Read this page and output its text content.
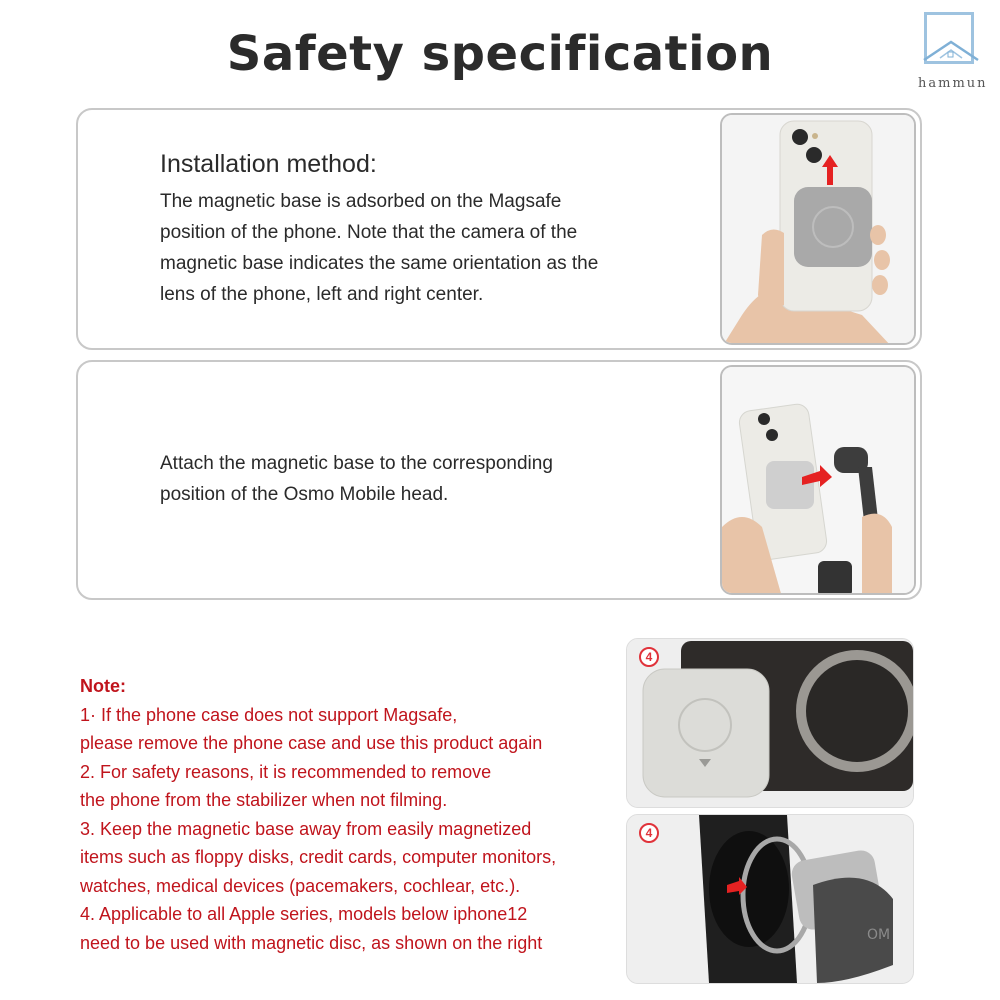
Safety specification
hammun
Installation method:
The magnetic base is adsorbed on the Magsafe
position of the phone. Note that the camera of the
magnetic base indicates the same orientation as the
lens of the phone, left and right center.
Attach the magnetic base to the corresponding
position of the Osmo Mobile head.
Note:
1· If the phone case does not support Magsafe,
please remove the phone case and use this product again
2. For safety reasons, it is recommended to remove
the phone from the stabilizer when not filming.
3. Keep the magnetic base away from easily magnetized
items such as floppy disks, credit cards, computer monitors,
watches, medical devices (pacemakers, cochlear, etc.).
4. Applicable to all Apple series, models below iphone12
need to be used with magnetic disc, as shown on the right
4
OM
4
